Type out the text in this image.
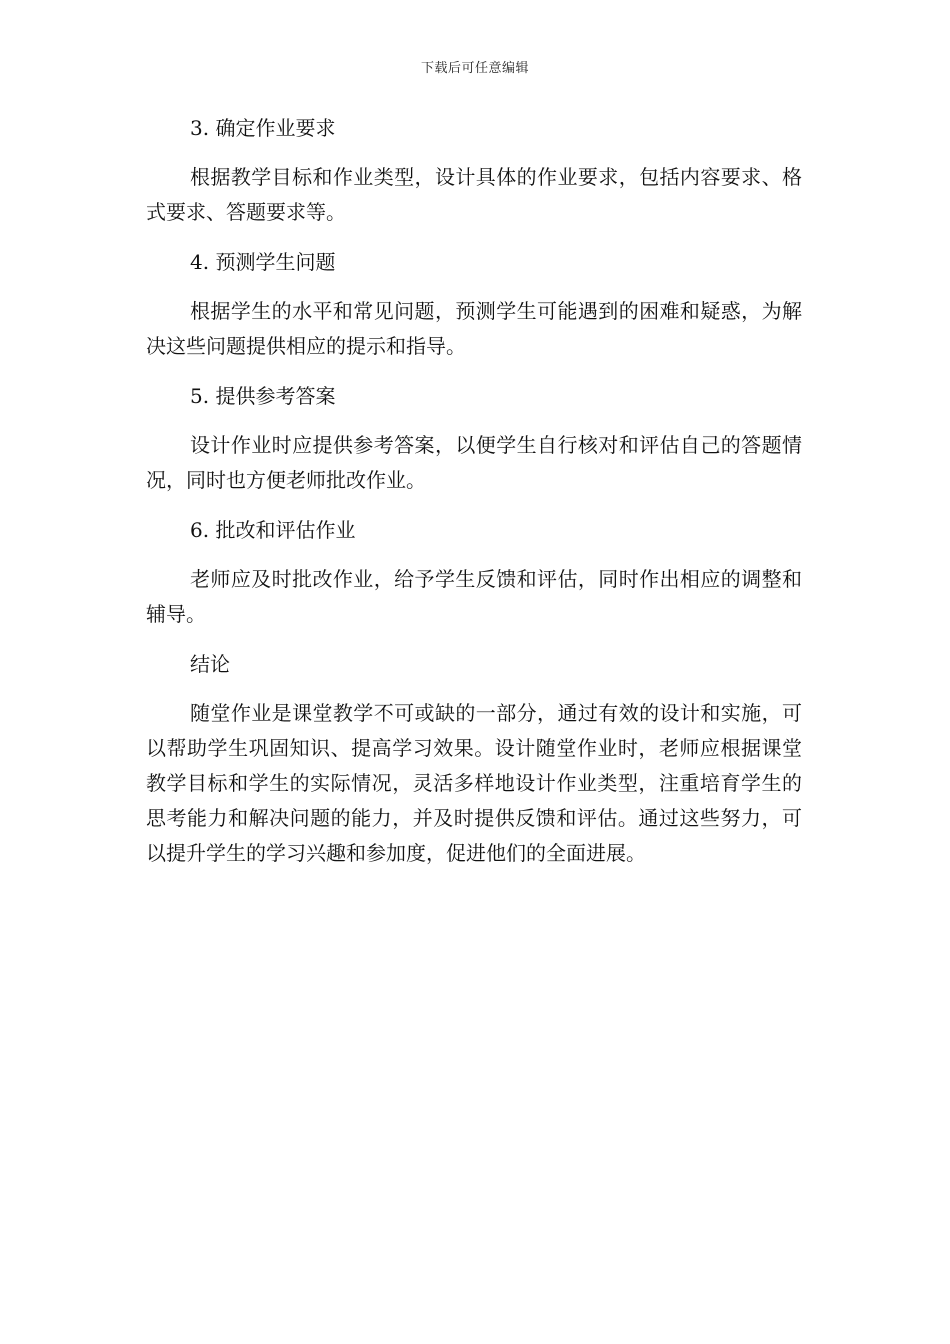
下载后可任意编辑
3. 确定作业要求

根据教学目标和作业类型，设计具体的作业要求，包括内容要求、格式要求、答题要求等。

4. 预测学生问题

根据学生的水平和常见问题，预测学生可能遇到的困难和疑惑，为解决这些问题提供相应的提示和指导。

5. 提供参考答案

设计作业时应提供参考答案，以便学生自行核对和评估自己的答题情况，同时也方便老师批改作业。

6. 批改和评估作业

老师应及时批改作业，给予学生反馈和评估，同时作出相应的调整和辅导。

结论

随堂作业是课堂教学不可或缺的一部分，通过有效的设计和实施，可以帮助学生巩固知识、提高学习效果。设计随堂作业时，老师应根据课堂教学目标和学生的实际情况，灵活多样地设计作业类型，注重培育学生的思考能力和解决问题的能力，并及时提供反馈和评估。通过这些努力，可以提升学生的学习兴趣和参加度，促进他们的全面进展。
